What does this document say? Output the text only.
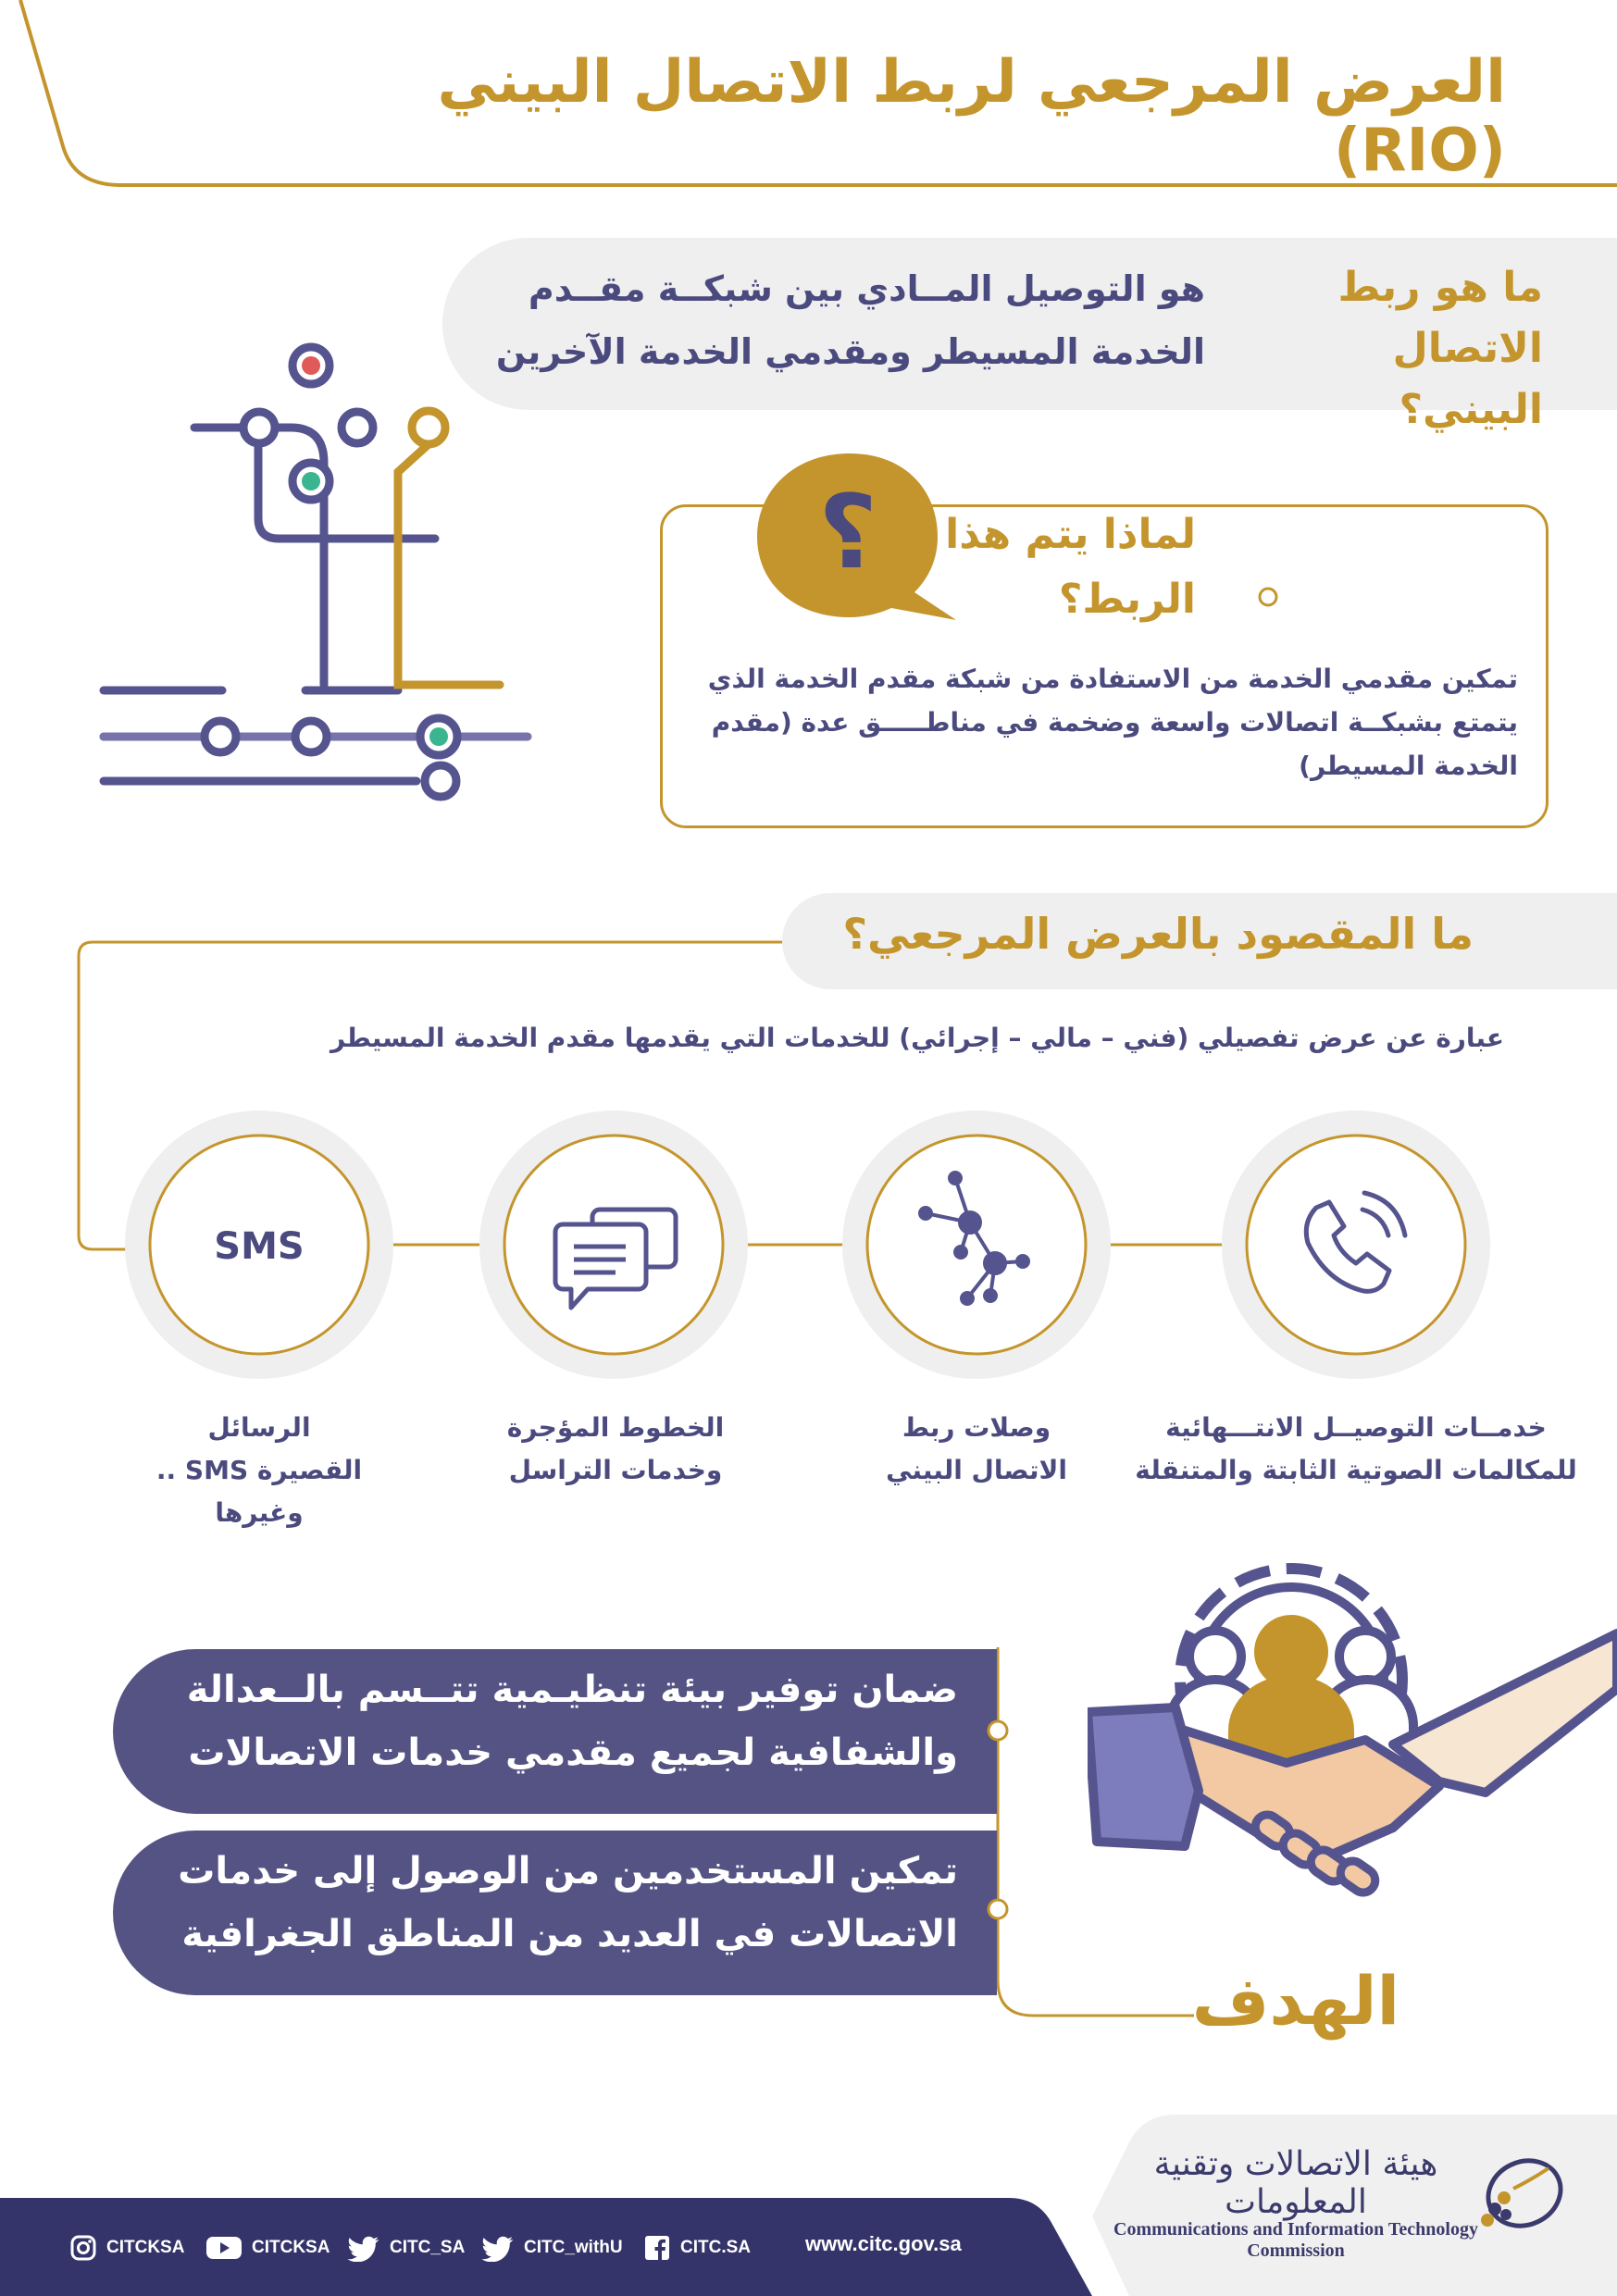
العرض المرجعي لربط الاتصال البيني (RIO)
ما هو ربط الاتصال البيني؟
هو التوصيل المــادي بين شبكــة مقــدم الخدمة المسيطر ومقدمي الخدمة الآخرين
؟ لماذا يتم هذا الربط؟
تمكين مقدمي الخدمة من الاستفادة من شبكة مقدم الخدمة الذي يتمتع بشبكــة اتصالات واسعة وضخمة في مناطـــــق عدة (مقدم الخدمة المسيطر)
ما المقصود بالعرض المرجعي؟
عبارة عن عرض تفصيلي (فني – مالي – إجرائي) للخدمات التي يقدمها مقدم الخدمة المسيطر
SMS
خدمــات التوصيــل الانتـــهائية للمكالمات الصوتية الثابتة والمتنقلة
وصلات ربط الاتصال البيني
الخطوط المؤجرة وخدمات التراسل
الرسائل القصيرة SMS .. وغيرها
ضمان توفير بيئة تنظيـمية تتــسم بالــعدالة والشفافية لجميع مقدمي خدمات الاتصالات
تمكين المستخدمين من الوصول إلى خدمات الاتصالات في العديد من المناطق الجغرافية
الهدف
CITCKSA	CITCKSA	CITC_SA	CITC_withU	CITC.SA	www.citc.gov.sa
هيئة الاتصالات وتقنية المعلومات
Communications and Information Technology Commission
